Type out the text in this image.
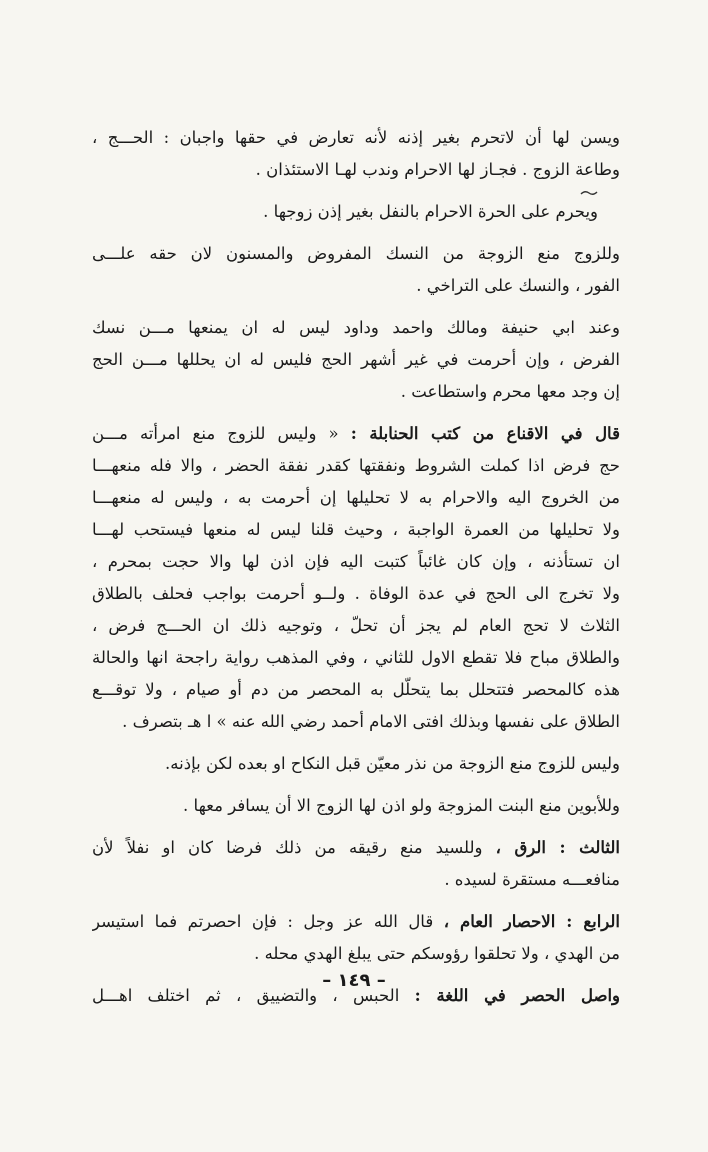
ويسن لها أن لاتحرم بغير إذنه لأنه تعارض في حقها واجبان : الحـــج ،
وطاعة الزوج . فجـاز لها الاحرام وندب لهـا الاستئذان .
ويحرم على الحرة الاحرام بالنفل بغير إذن زوجها .
وللزوج منع الزوجة من النسك المفروض والمسنون لان حقه علـــى
الفور ، والنسك على التراخي .
وعند ابي حنيفة ومالك واحمد وداود ليس له ان يمنعها مـــن نسك
الفرض ، وإن أحرمت في غير أشهر الحج فليس له ان يحللها مـــن الحج
إن وجد معها محرم واستطاعت .
قال في الاقناع من كتب الحنابلة : « وليس للزوج منع امرأته مـــن
حج فرض اذا كملت الشروط ونفقتها كقدر نفقة الحضر ، والا فله منعهـــا
من الخروج اليه والاحرام به لا تحليلها إن أحرمت به ، وليس له منعهـــا
ولا تحليلها من العمرة الواجبة ، وحيث قلنا ليس له منعها فيستحب لهـــا
ان تستأذنه ، وإن كان غائباً كتبت اليه فإن اذن لها والا حجت بمحرم ،
ولا تخرج الى الحج في عدة الوفاة . ولــو أحرمت بواجب فحلف بالطلاق
الثلاث لا تحج العام لم يجز أن تحلّ ، وتوجيه ذلك ان الحـــج فرض ،
والطلاق مباح فلا تقطع الاول للثاني ، وفي المذهب رواية راجحة انها والحالة
هذه كالمحصر فتتحلل بما يتحلّل به المحصر من دم أو صيام ، ولا توقـــع
الطلاق على نفسها وبذلك افتى الامام أحمد رضي الله عنه » ا هـ بتصرف .
وليس للزوج منع الزوجة من نذر معيّن قبل النكاح او بعده لكن بإذنه.
وللأبوين منع البنت المزوجة ولو اذن لها الزوج الا أن يسافر معها .
الثالث : الرق ، وللسيد منع رقيقه من ذلك فرضا كان او نفلاً لأن
منافعـــه مستقرة لسيده .
الرابع : الاحصار العام ، قال الله عز وجل : فإن احصرتم فما استيسر
من الهدي ، ولا تحلقوا رؤوسكم حتى يبلغ الهدي محله .
واصل الحصر في اللغة : الحبس ، والتضييق ، ثم اختلف اهـــل
– ١٤٩ –
